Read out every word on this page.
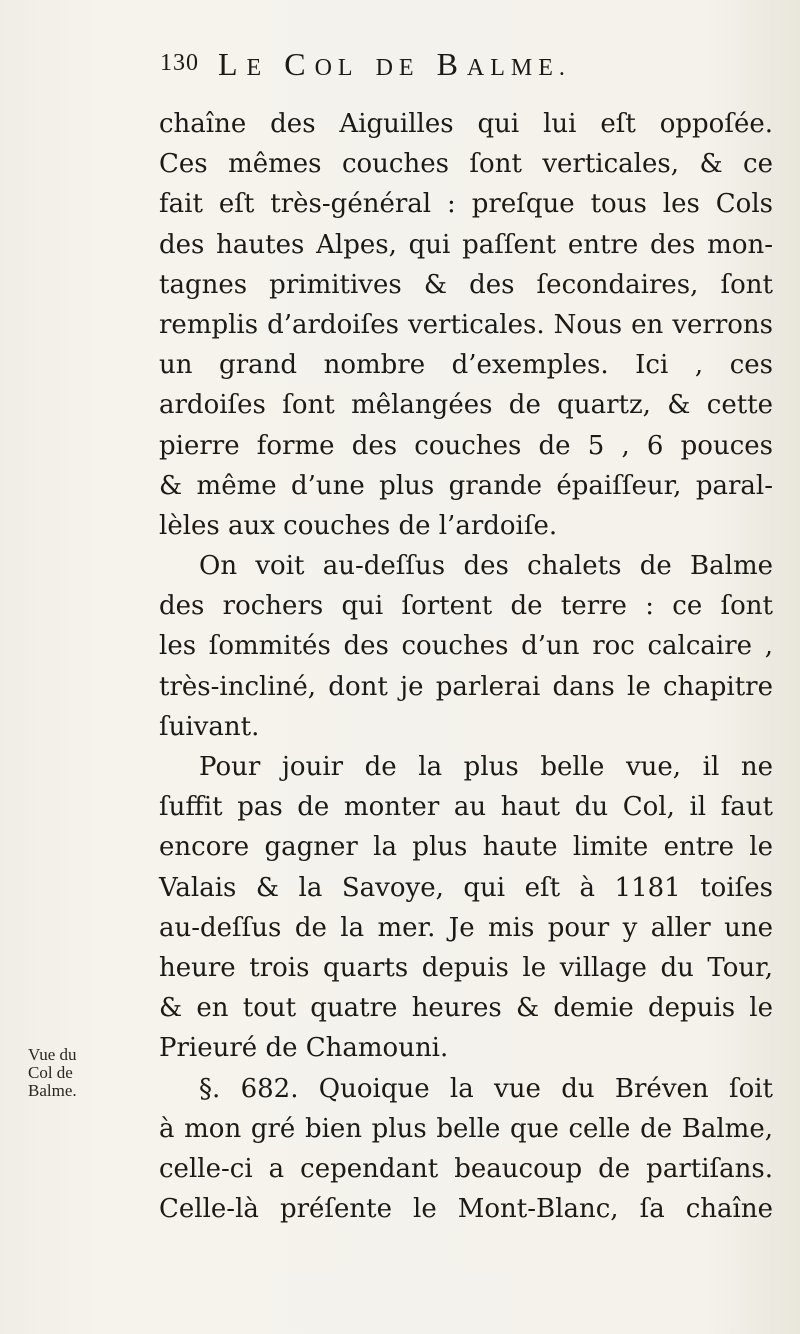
130 LE COL DE BALME.
Vue du
Col de
Balme.
chaîne des Aiguilles qui lui eſt oppoſée.
Ces mêmes couches ſont verticales, & ce
fait eſt très-général : preſque tous les Cols
des hautes Alpes, qui paſſent entre des mon-
tagnes primitives & des ſecondaires, ſont
remplis d’ardoiſes verticales. Nous en verrons
un grand nombre d’exemples. Ici , ces
ardoiſes ſont mêlangées de quartz, & cette
pierre forme des couches de 5 , 6 pouces
& même d’une plus grande épaiſſeur, paral-
lèles aux couches de l’ardoiſe.
On voit au-deſſus des chalets de Balme
des rochers qui ſortent de terre : ce ſont
les ſommités des couches d’un roc calcaire ,
très-incliné, dont je parlerai dans le chapitre
ſuivant.
Pour jouir de la plus belle vue, il ne
ſuffit pas de monter au haut du Col, il faut
encore gagner la plus haute limite entre le
Valais & la Savoye, qui eſt à 1181 toiſes
au-deſſus de la mer. Je mis pour y aller une
heure trois quarts depuis le village du Tour,
& en tout quatre heures & demie depuis le
Prieuré de Chamouni.
§. 682. Quoique la vue du Bréven ſoit
à mon gré bien plus belle que celle de Balme,
celle-ci a cependant beaucoup de partiſans.
Celle-là préſente le Mont-Blanc, ſa chaîne
